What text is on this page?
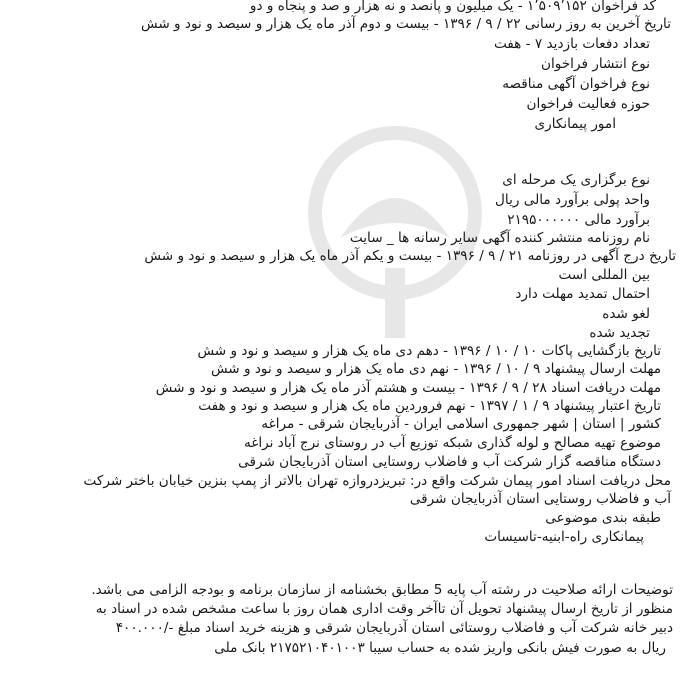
کد فراخوان ۱٬۵۰۹٬۱۵۲ - یک میلیون و پانصد و نه هزار و صد و پنجاه و دو
تاریخ آخرین به روز رسانی ۲۲ / ۹ / ۱۳۹۶ - بیست و دوم آذر ماه یک هزار و سیصد و نود و شش
تعداد دفعات بازدید ۷ - هفت
نوع انتشار فراخوان
نوع فراخوان آگهی مناقصه
حوزه فعالیت فراخوان
امور پیمانکاری
نوع برگزاری یک مرحله ای
واحد پولی برآورد مالی ریال
برآورد مالی ۲۱۹۵۰۰۰۰۰۰
نام روزنامه منتشر کننده آگهی سایر رسانه ها _ سایت
تاریخ درج آگهی در روزنامه ۲۱ / ۹ / ۱۳۹۶ - بیست و یکم آذر ماه یک هزار و سیصد و نود و شش
بین المللی است
احتمال تمدید مهلت دارد
لغو شده
تجدید شده
تاریخ بازگشایی پاکات ۱۰ / ۱۰ / ۱۳۹۶ - دهم دی ماه یک هزار و سیصد و نود و شش
مهلت ارسال پیشنهاد ۹ / ۱۰ / ۱۳۹۶ - نهم دی ماه یک هزار و سیصد و نود و شش
مهلت دریافت اسناد ۲۸ / ۹ / ۱۳۹۶ - بیست و هشتم آذر ماه یک هزار و سیصد و نود و شش
تاریخ اعتبار پیشنهاد ۹ / ۱ / ۱۳۹۷ - نهم فروردین ماه یک هزار و سیصد و نود و هفت
کشور | استان | شهر جمهوری اسلامی ایران - آذربایجان شرقی - مراغه
موضوع تهیه مصالح و لوله گذاری شبکه توزیع آب در روستای نرج آباد نراغه
دستگاه مناقصه گزار شرکت آب و فاضلاب روستایی استان آذربایجان شرقی
محل دریافت اسناد امور پیمان شرکت واقع در: تبریزدروازه تهران بالاتر از پمپ بنزین خیابان باختر شرکت
آب و فاضلاب روستایی استان آذربایجان شرقی
طبقه بندی موضوعی
پیمانکاری راه-ابنیه-تاسیسات
توضیحات ارائه صلاحیت در رشته آب پایه 5 مطابق بخشنامه از سازمان برنامه و بودجه الزامی می باشد.
منظور از تاریخ ارسال پیشنهاد تحویل آن تاآخر وقت اداری همان روز با ساعت مشخص شده در اسناد به
دبیر خانه شرکت آب و فاضلاب روستائی استان آذربایجان شرقی و هزینه خرید اسناد مبلغ -/۴۰۰.۰۰۰
ریال به صورت فیش بانکی واریز شده به حساب سیبا ۲۱۷۵۲۱۰۴۰۱۰۰۳ بانک ملی
